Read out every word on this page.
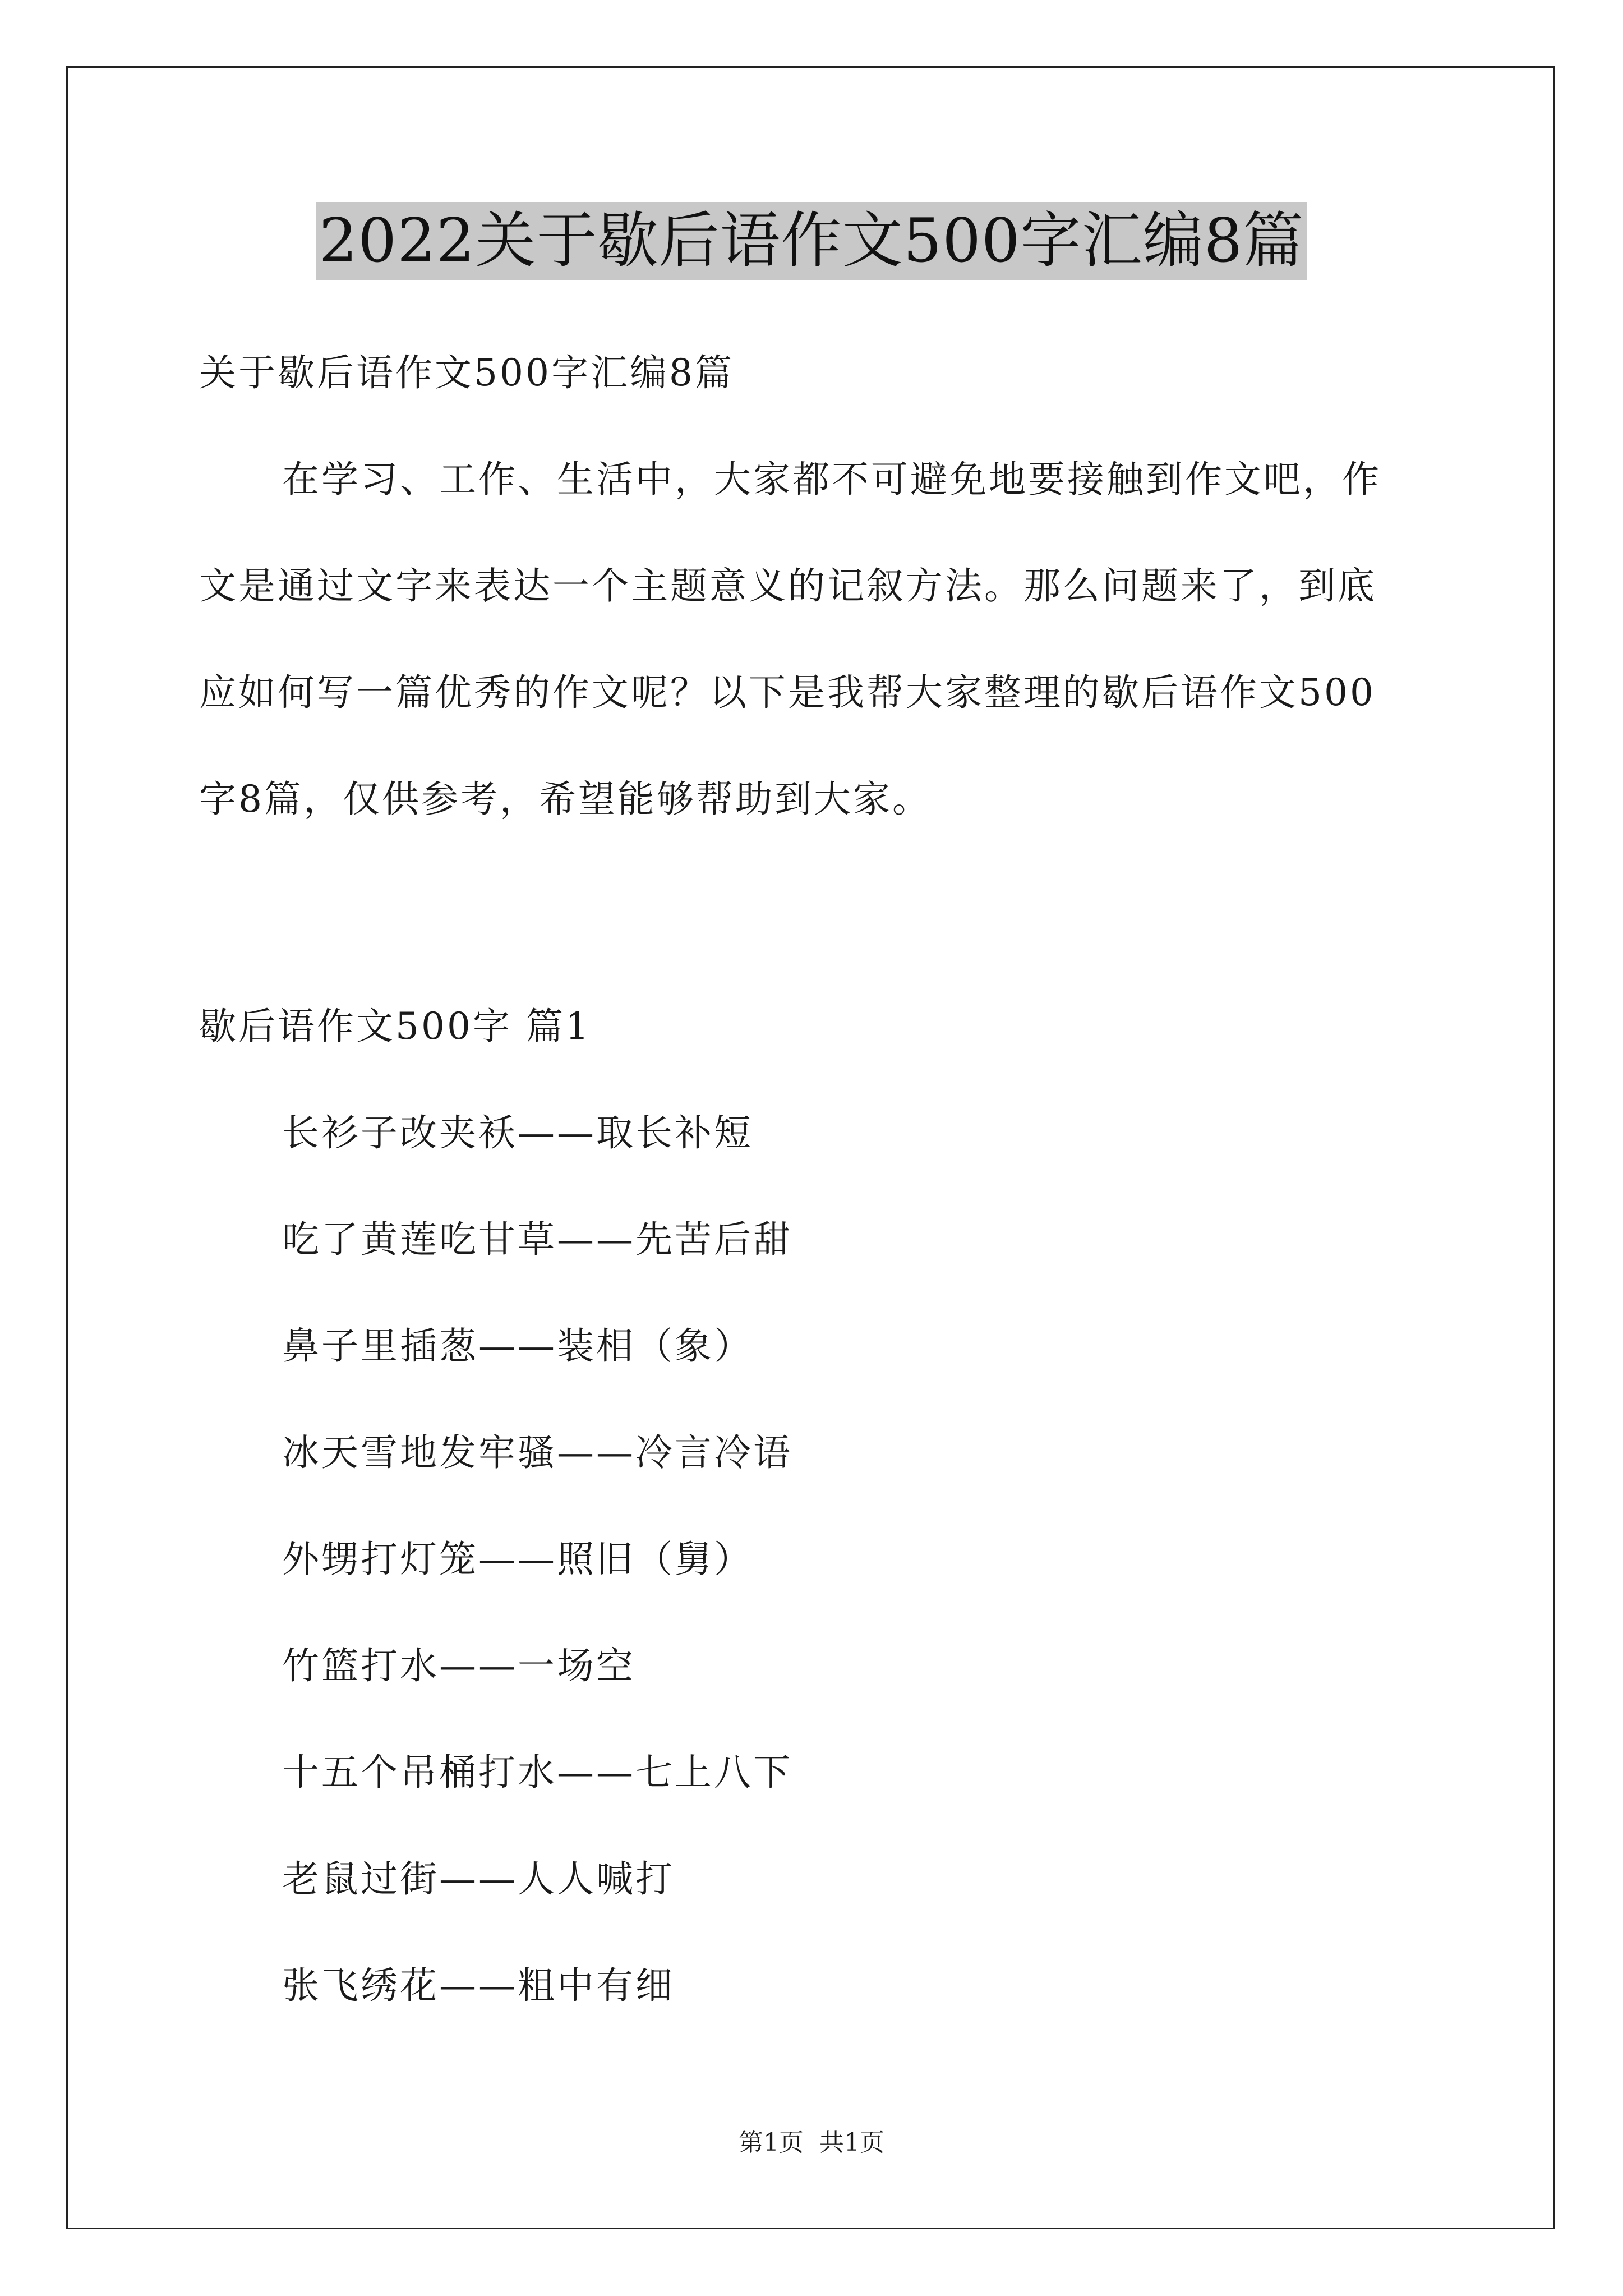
2022关于歇后语作文500字汇编8篇
关于歇后语作文500字汇编8篇
在学习、工作、生活中，大家都不可避免地要接触到作文吧，作
文是通过文字来表达一个主题意义的记叙方法。那么问题来了，到底
应如何写一篇优秀的作文呢？以下是我帮大家整理的歇后语作文500
字8篇，仅供参考，希望能够帮助到大家。
歇后语作文500字 篇1
长衫子改夹袄——取长补短
吃了黄莲吃甘草——先苦后甜
鼻子里插葱——装相（象）
冰天雪地发牢骚——冷言冷语
外甥打灯笼——照旧（舅）
竹篮打水——一场空
十五个吊桶打水——七上八下
老鼠过街——人人喊打
张飞绣花——粗中有细
第1页 共1页
